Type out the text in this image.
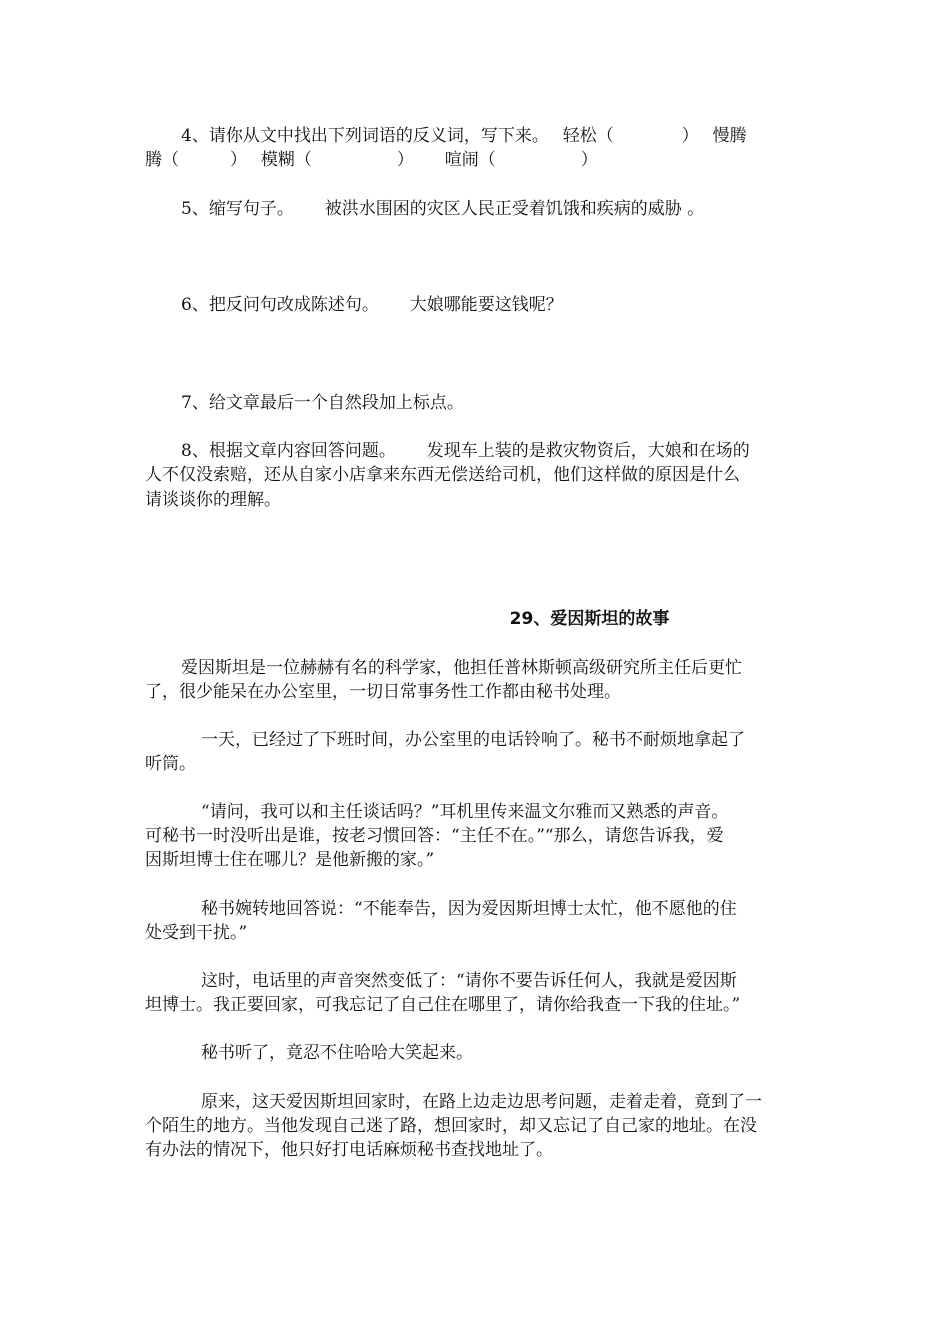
4、请你从文中找出下列词语的反义词，写下来。　 轻松（　　　　）　 慢腾
腾（　　　）　 模糊（　　　　　）　　 喧闹（　　　　　）
5、缩写句子。　　 被洪水围困的灾区人民正受着饥饿和疾病的威胁 。
6、把反问句改成陈述句。　　 大娘哪能要这钱呢？
7、给文章最后一个自然段加上标点。
8、根据文章内容回答问题。　　 发现车上装的是救灾物资后，大娘和在场的
人不仅没索赔，还从自家小店拿来东西无偿送给司机，他们这样做的原因是什么
请谈谈你的理解。
29、爱因斯坦的故事
爱因斯坦是一位赫赫有名的科学家，他担任普林斯顿高级研究所主任后更忙
了，很少能呆在办公室里，一切日常事务性工作都由秘书处理。
一天，已经过了下班时间，办公室里的电话铃响了。秘书不耐烦地拿起了
听筒。
“请问，我可以和主任谈话吗？”耳机里传来温文尔雅而又熟悉的声音。
可秘书一时没听出是谁，按老习惯回答：“主任不在。”“那么，请您告诉我，爱
因斯坦博士住在哪儿？是他新搬的家。”
秘书婉转地回答说：“不能奉告，因为爱因斯坦博士太忙，他不愿他的住
处受到干扰。”
这时，电话里的声音突然变低了：“请你不要告诉任何人，我就是爱因斯
坦博士。我正要回家，可我忘记了自己住在哪里了，请你给我查一下我的住址。”
秘书听了，竟忍不住哈哈大笑起来。
原来，这天爱因斯坦回家时，在路上边走边思考问题，走着走着，竟到了一
个陌生的地方。当他发现自己迷了路，想回家时，却又忘记了自己家的地址。在没
有办法的情况下，他只好打电话麻烦秘书查找地址了。
